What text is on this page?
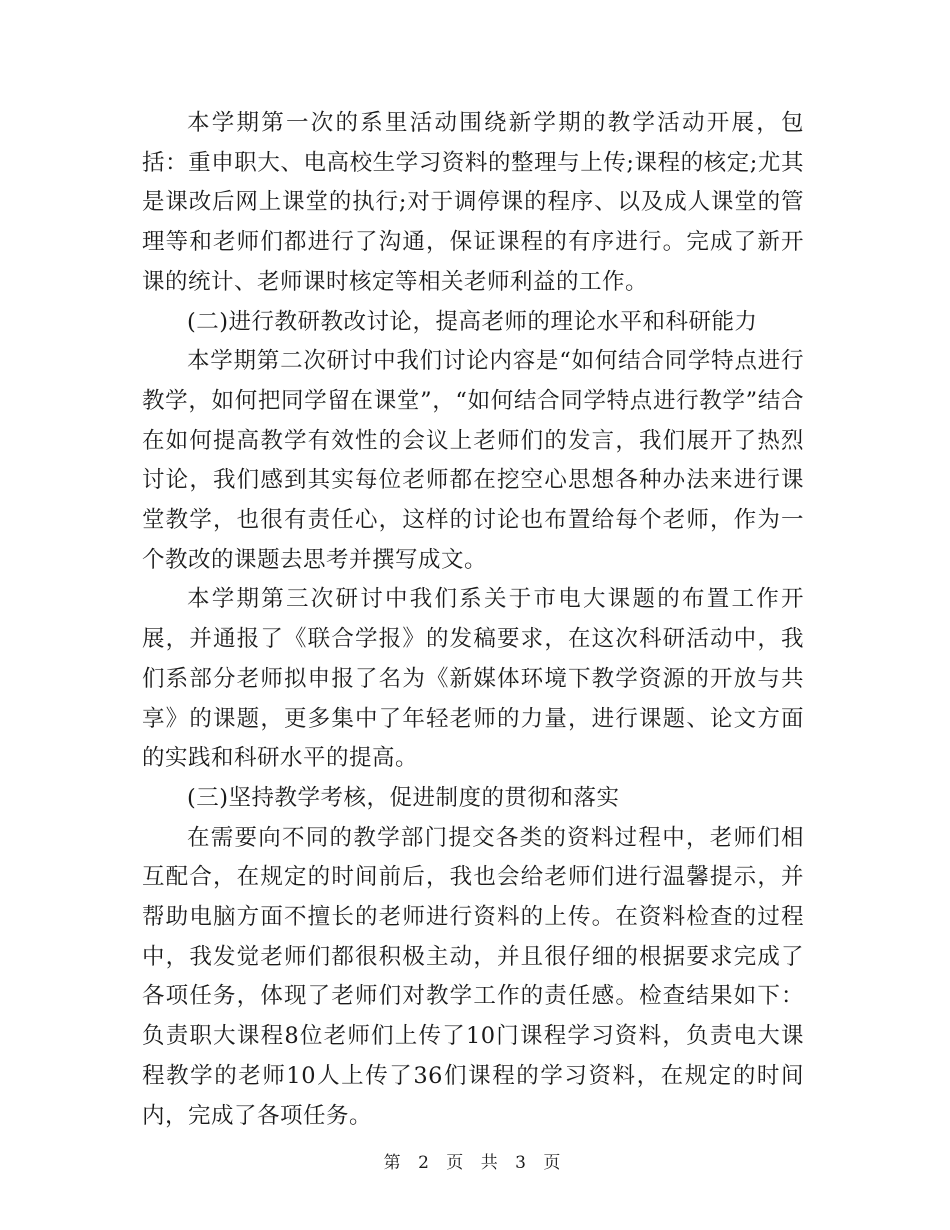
本学期第一次的系里活动围绕新学期的教学活动开展，包括：重申职大、电高校生学习资料的整理与上传;课程的核定;尤其是课改后网上课堂的执行;对于调停课的程序、以及成人课堂的管理等和老师们都进行了沟通，保证课程的有序进行。完成了新开课的统计、老师课时核定等相关老师利益的工作。

(二)进行教研教改讨论，提高老师的理论水平和科研能力

本学期第二次研讨中我们讨论内容是“如何结合同学特点进行教学，如何把同学留在课堂”，“如何结合同学特点进行教学”结合在如何提高教学有效性的会议上老师们的发言，我们展开了热烈讨论，我们感到其实每位老师都在挖空心思想各种办法来进行课堂教学，也很有责任心，这样的讨论也布置给每个老师，作为一个教改的课题去思考并撰写成文。

本学期第三次研讨中我们系关于市电大课题的布置工作开展，并通报了《联合学报》的发稿要求，在这次科研活动中，我们系部分老师拟申报了名为《新媒体环境下教学资源的开放与共享》的课题，更多集中了年轻老师的力量，进行课题、论文方面的实践和科研水平的提高。

(三)坚持教学考核，促进制度的贯彻和落实

在需要向不同的教学部门提交各类的资料过程中，老师们相互配合，在规定的时间前后，我也会给老师们进行温馨提示，并帮助电脑方面不擅长的老师进行资料的上传。在资料检查的过程中，我发觉老师们都很积极主动，并且很仔细的根据要求完成了各项任务，体现了老师们对教学工作的责任感。检查结果如下：负责职大课程8位老师们上传了10门课程学习资料，负责电大课程教学的老师10人上传了36们课程的学习资料，在规定的时间内，完成了各项任务。

第 2 页 共 3 页
